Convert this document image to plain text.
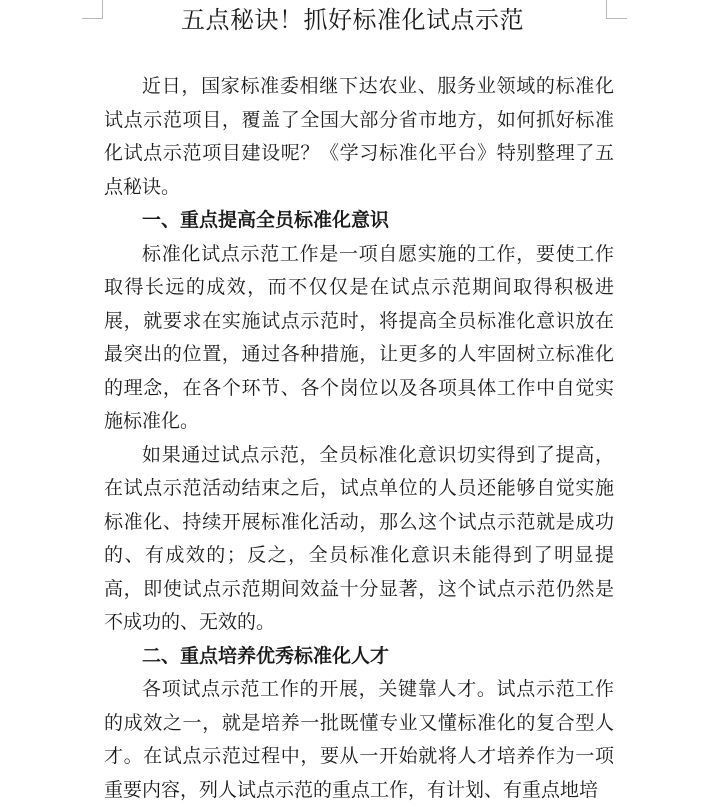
五点秘诀！抓好标准化试点示范

近日，国家标准委相继下达农业、服务业领域的标准化试点示范项目，覆盖了全国大部分省市地方，如何抓好标准化试点示范项目建设呢？《学习标准化平台》特别整理了五点秘诀。

一、重点提高全员标准化意识

标准化试点示范工作是一项自愿实施的工作，要使工作取得长远的成效，而不仅仅是在试点示范期间取得积极进展，就要求在实施试点示范时，将提高全员标准化意识放在最突出的位置，通过各种措施，让更多的人牢固树立标准化的理念，在各个环节、各个岗位以及各项具体工作中自觉实施标准化。

如果通过试点示范，全员标准化意识切实得到了提高，在试点示范活动结束之后，试点单位的人员还能够自觉实施标准化、持续开展标准化活动，那么这个试点示范就是成功的、有成效的；反之，全员标准化意识未能得到了明显提高，即使试点示范期间效益十分显著，这个试点示范仍然是不成功的、无效的。

二、重点培养优秀标准化人才

各项试点示范工作的开展，关键靠人才。试点示范工作的成效之一，就是培养一批既懂专业又懂标准化的复合型人才。在试点示范过程中，要从一开始就将人才培养作为一项重要内容，列人试点示范的重点工作，有计划、有重点地培
